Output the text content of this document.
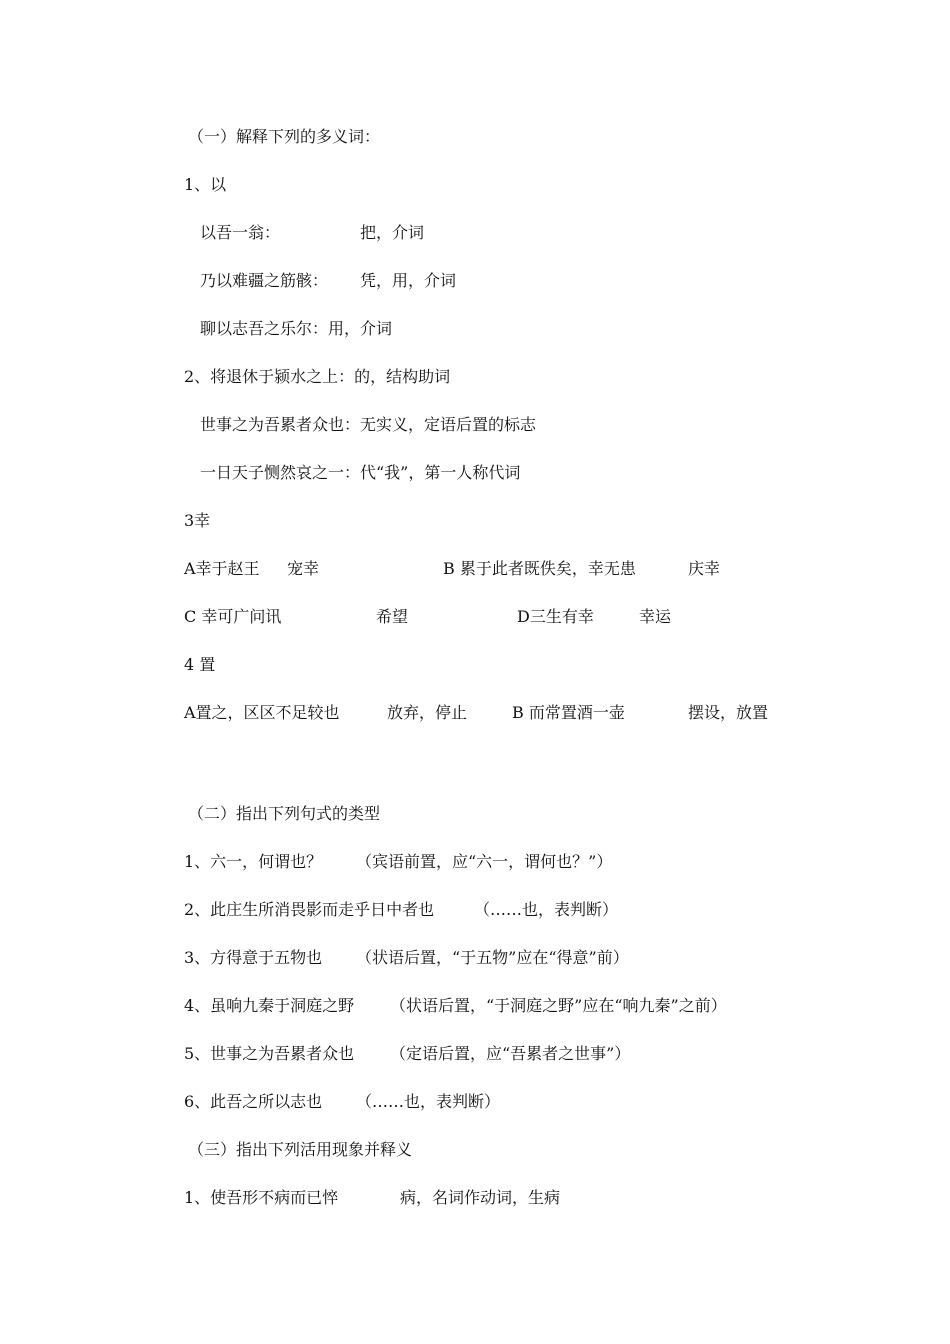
（一）解释下列的多义词：
1、以
以吾一翁：	把，介词
乃以难疆之筋骸： 凭，用，介词
聊以志吾之乐尔：用，介词
2、将退休于颍水之上：的，结构助词
世事之为吾累者众也：无实义，定语后置的标志
一日天子恻然哀之一：代“我”，第一人称代词
3幸
A幸于赵王 宠幸	B 累于此者既佚矣，幸无患	庆幸
C 幸可广问讯	希望	D三生有幸	幸运
4 置
A置之，区区不足较也	放弃，停止	B 而常置酒一壶	摆设，放置
（二）指出下列句式的类型
1、六一，何谓也？ （宾语前置，应“六一，谓何也？”）
2、此庄生所消畏影而走乎日中者也 （……也，表判断）
3、方得意于五物也 （状语后置，“于五物”应在“得意”前）
4、虽响九秦于洞庭之野 （状语后置，“于洞庭之野”应在“响九秦”之前）
5、世事之为吾累者众也 （定语后置，应“吾累者之世事”）
6、此吾之所以志也 （……也，表判断）
（三）指出下列活用现象并释义
1、使吾形不病而已悴	病，名词作动词，生病
